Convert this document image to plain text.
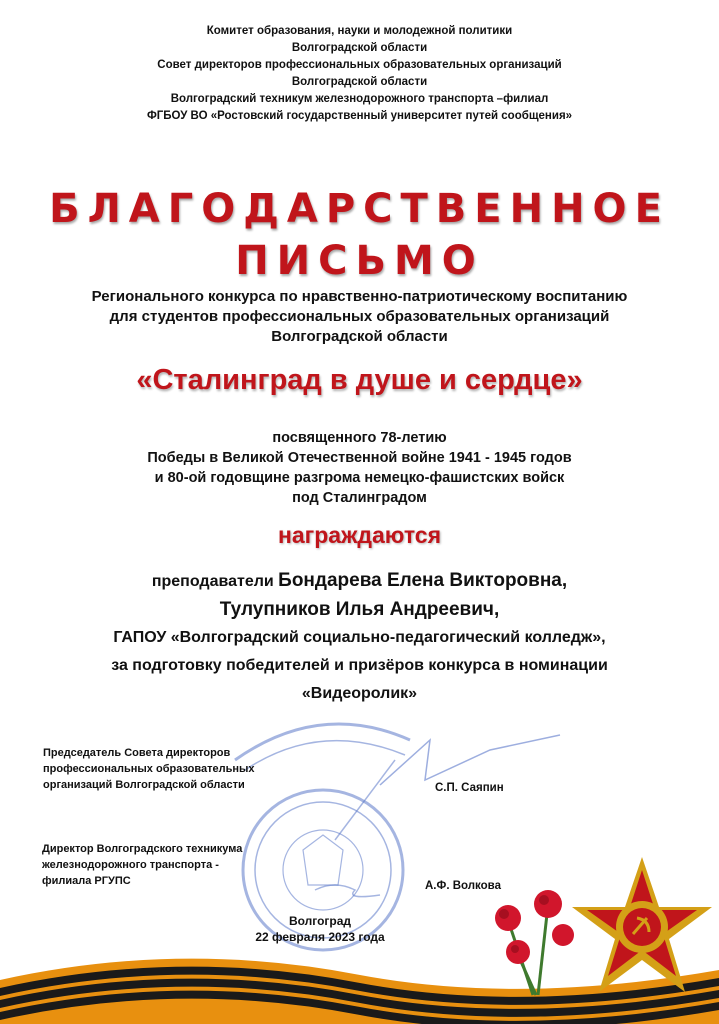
Комитет образования, науки и молодежной политики
Волгоградской области
Совет директоров профессиональных образовательных организаций
Волгоградской области
Волгоградский техникум железнодорожного транспорта –филиал
ФГБОУ ВО «Ростовский государственный университет путей сообщения»
БЛАГОДАРСТВЕННОЕ
ПИСЬМО
Регионального конкурса по нравственно-патриотическому воспитанию
для студентов профессиональных образовательных организаций
Волгоградской области
«Сталинград в душе и сердце»
посвященного 78-летию
Победы в Великой Отечественной войне 1941 - 1945 годов
и 80-ой годовщине разгрома немецко-фашистских войск
под Сталинградом
награждаются
преподаватели Бондарева Елена Викторовна,
Тулупников Илья Андреевич,
ГАПОУ «Волгоградский социально-педагогический колледж»,
за подготовку победителей и призёров конкурса в номинации
«Видеоролик»
Председатель Совета директоров
профессиональных образовательных
организаций Волгоградской области	С.П. Саяпин
Директор Волгоградского техникума
железнодорожного транспорта -
филиала РГУПС	А.Ф. Волкова
Волгоград
22 февраля 2023 года
